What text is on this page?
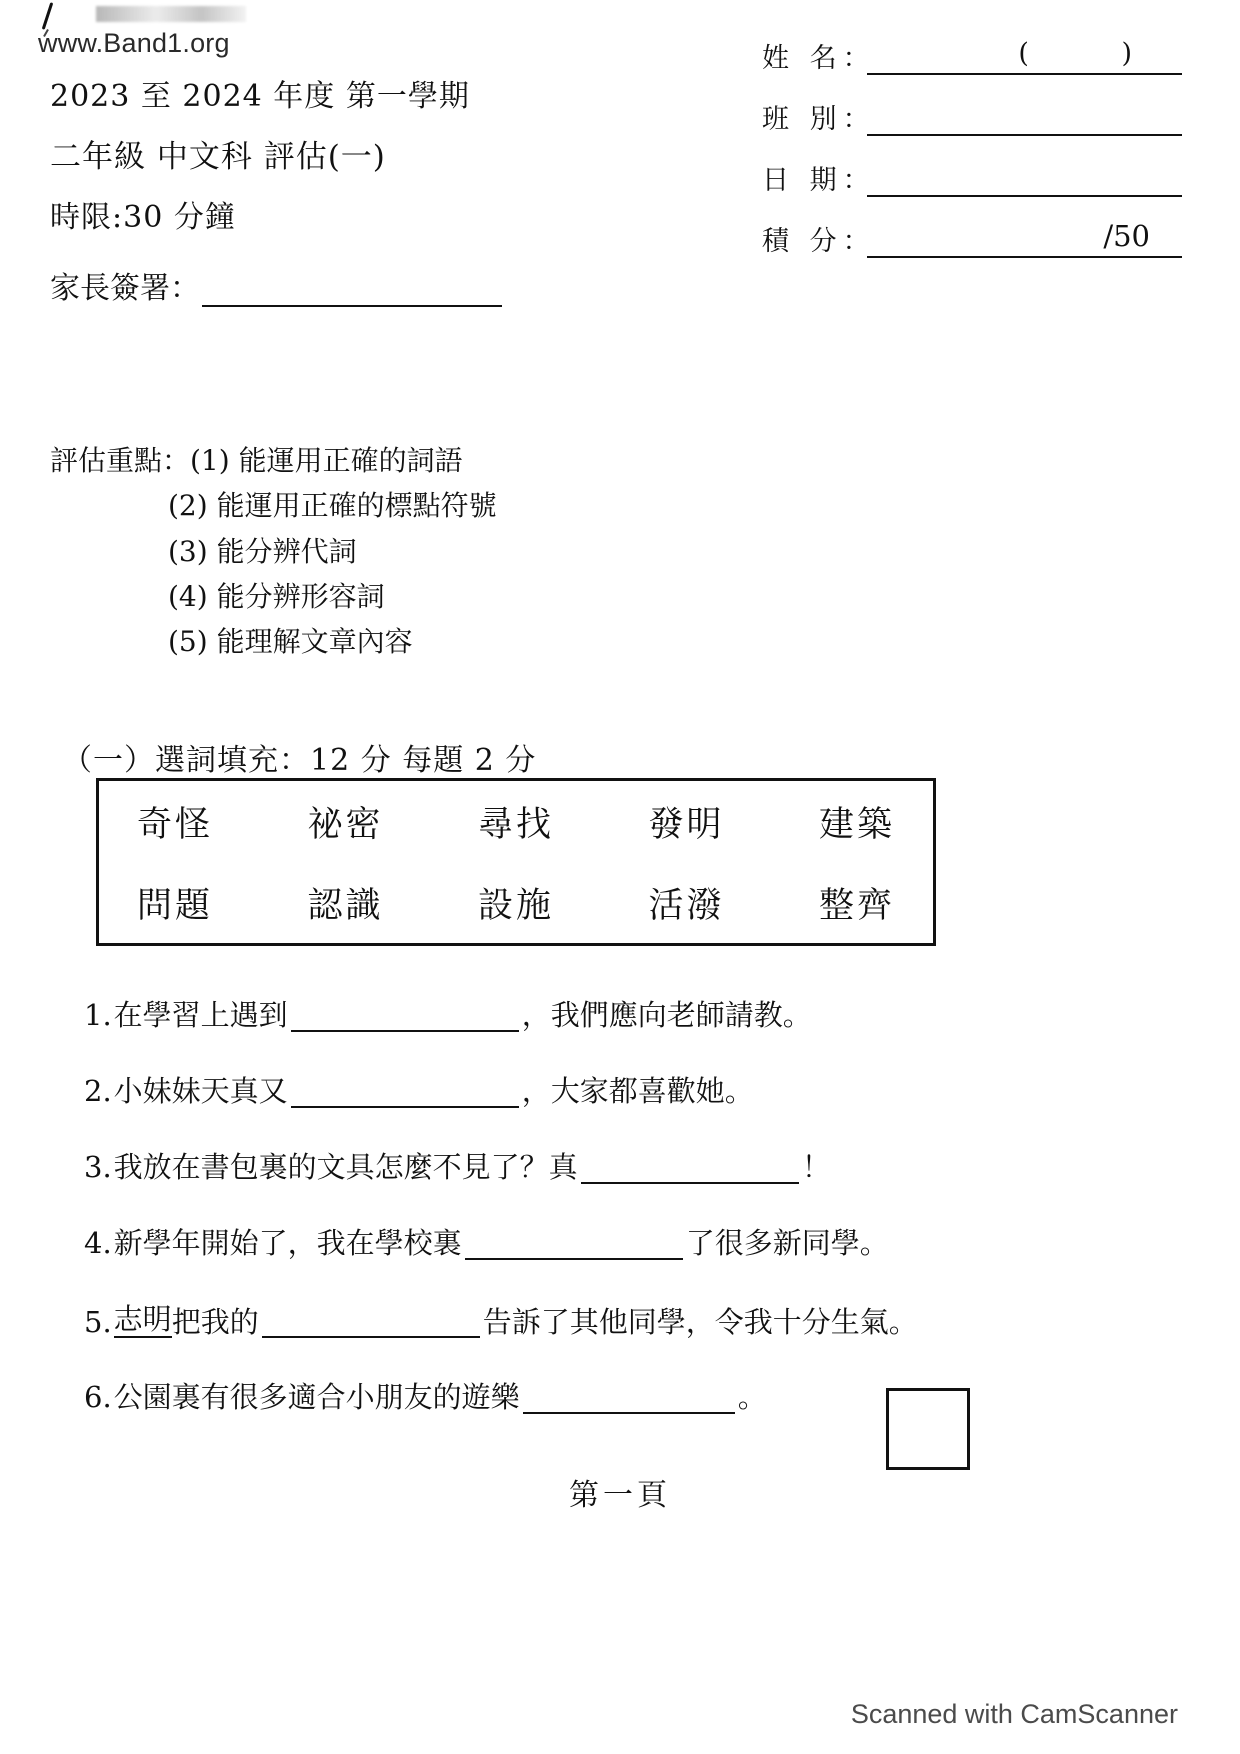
www.Band1.org
2023 至 2024 年度 第一學期
二年級 中文科 評估(一)
時限:30 分鐘
家長簽署：
姓 名：	( )
班 別：
日 期：
積 分：	/50
評估重點：(1) 能運用正確的詞語
(2) 能運用正確的標點符號
(3) 能分辨代詞
(4) 能分辨形容詞
(5) 能理解文章內容
（一）選詞填充：12 分 每題 2 分
奇怪	祕密	尋找	發明	建築
問題	認識	設施	活潑	整齊
1. 在學習上遇到	，我們應向老師請教。
2. 小妹妹天真又	，大家都喜歡她。
3. 我放在書包裏的文具怎麼不見了？真	！
4. 新學年開始了，我在學校裏	了很多新同學。
5. 志明 把我的	告訴了其他同學，令我十分生氣。
6. 公園裏有很多適合小朋友的遊樂	。
第一頁
Scanned with CamScanner
